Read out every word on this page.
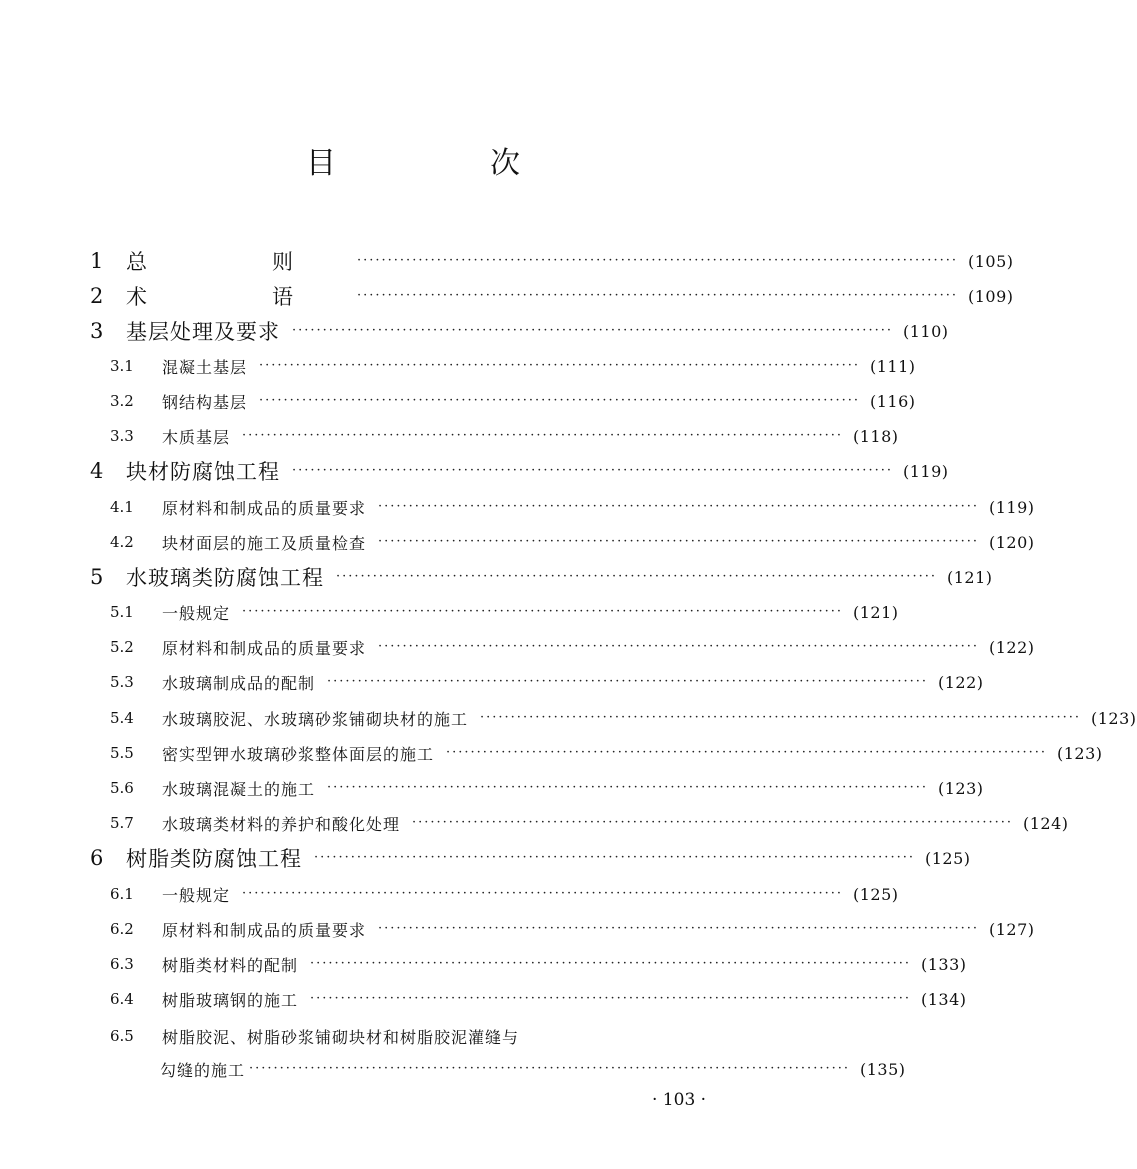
目　次
1	总　则 ·································································································· (105)
2	术　语 ·································································································· (109)
3	基层处理及要求 ·································································································· (110)
3.1	混凝土基层 ·································································································· (111)
3.2	钢结构基层 ·································································································· (116)
3.3	木质基层 ·································································································· (118)
4	块材防腐蚀工程 ·································································································· (119)
4.1	原材料和制成品的质量要求 ·································································································· (119)
4.2	块材面层的施工及质量检查 ·································································································· (120)
5	水玻璃类防腐蚀工程 ·································································································· (121)
5.1	一般规定 ·································································································· (121)
5.2	原材料和制成品的质量要求 ·································································································· (122)
5.3	水玻璃制成品的配制 ·································································································· (122)
5.4	水玻璃胶泥、水玻璃砂浆铺砌块材的施工 ·································································································· (123)
5.5	密实型钾水玻璃砂浆整体面层的施工 ·································································································· (123)
5.6	水玻璃混凝土的施工 ·································································································· (123)
5.7	水玻璃类材料的养护和酸化处理 ·································································································· (124)
6	树脂类防腐蚀工程 ·································································································· (125)
6.1	一般规定 ·································································································· (125)
6.2	原材料和制成品的质量要求 ·································································································· (127)
6.3	树脂类材料的配制 ·································································································· (133)
6.4	树脂玻璃钢的施工 ·································································································· (134)
6.5	树脂胶泥、树脂砂浆铺砌块材和树脂胶泥灌缝与
勾缝的施工 ·································································································· (135)
· 103 ·
